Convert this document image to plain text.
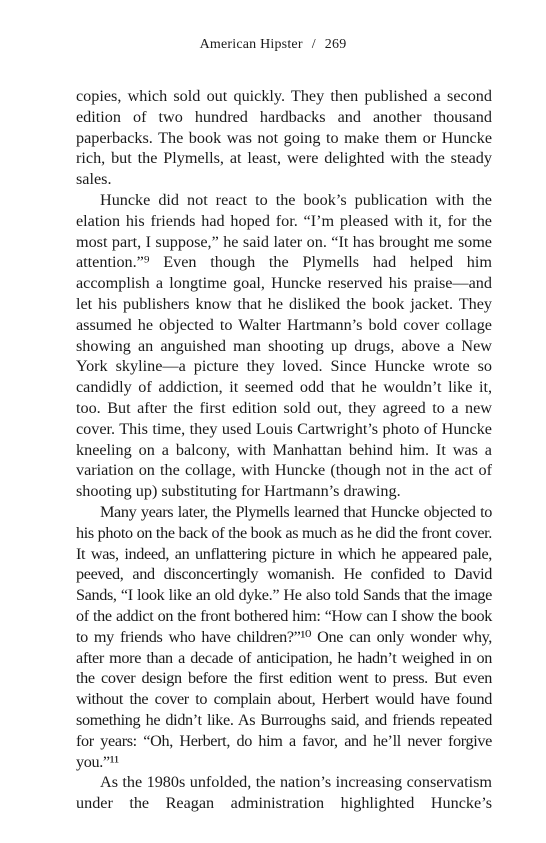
American Hipster / 269

copies, which sold out quickly. They then published a second edition of two hundred hardbacks and another thousand paperbacks. The book was not going to make them or Huncke rich, but the Plymells, at least, were delighted with the steady sales.

Huncke did not react to the book’s publication with the elation his friends had hoped for. “I’m pleased with it, for the most part, I suppose,” he said later on. “It has brought me some attention.”⁹ Even though the Plymells had helped him accomplish a longtime goal, Huncke reserved his praise—and let his publishers know that he disliked the book jacket. They assumed he objected to Walter Hartmann’s bold cover collage showing an anguished man shooting up drugs, above a New York skyline—a picture they loved. Since Huncke wrote so candidly of addiction, it seemed odd that he wouldn’t like it, too. But after the first edition sold out, they agreed to a new cover. This time, they used Louis Cartwright’s photo of Huncke kneeling on a balcony, with Manhattan behind him. It was a variation on the collage, with Huncke (though not in the act of shooting up) substituting for Hartmann’s drawing.

Many years later, the Plymells learned that Huncke objected to his photo on the back of the book as much as he did the front cover. It was, indeed, an unflattering picture in which he appeared pale, peeved, and disconcertingly womanish. He confided to David Sands, “I look like an old dyke.” He also told Sands that the image of the addict on the front bothered him: “How can I show the book to my friends who have children?”¹⁰ One can only wonder why, after more than a decade of anticipation, he hadn’t weighed in on the cover design before the first edition went to press. But even without the cover to complain about, Herbert would have found something he didn’t like. As Burroughs said, and friends repeated for years: “Oh, Herbert, do him a favor, and he’ll never forgive you.”¹¹

As the 1980s unfolded, the nation’s increasing conservatism under the Reagan administration highlighted Huncke’s
